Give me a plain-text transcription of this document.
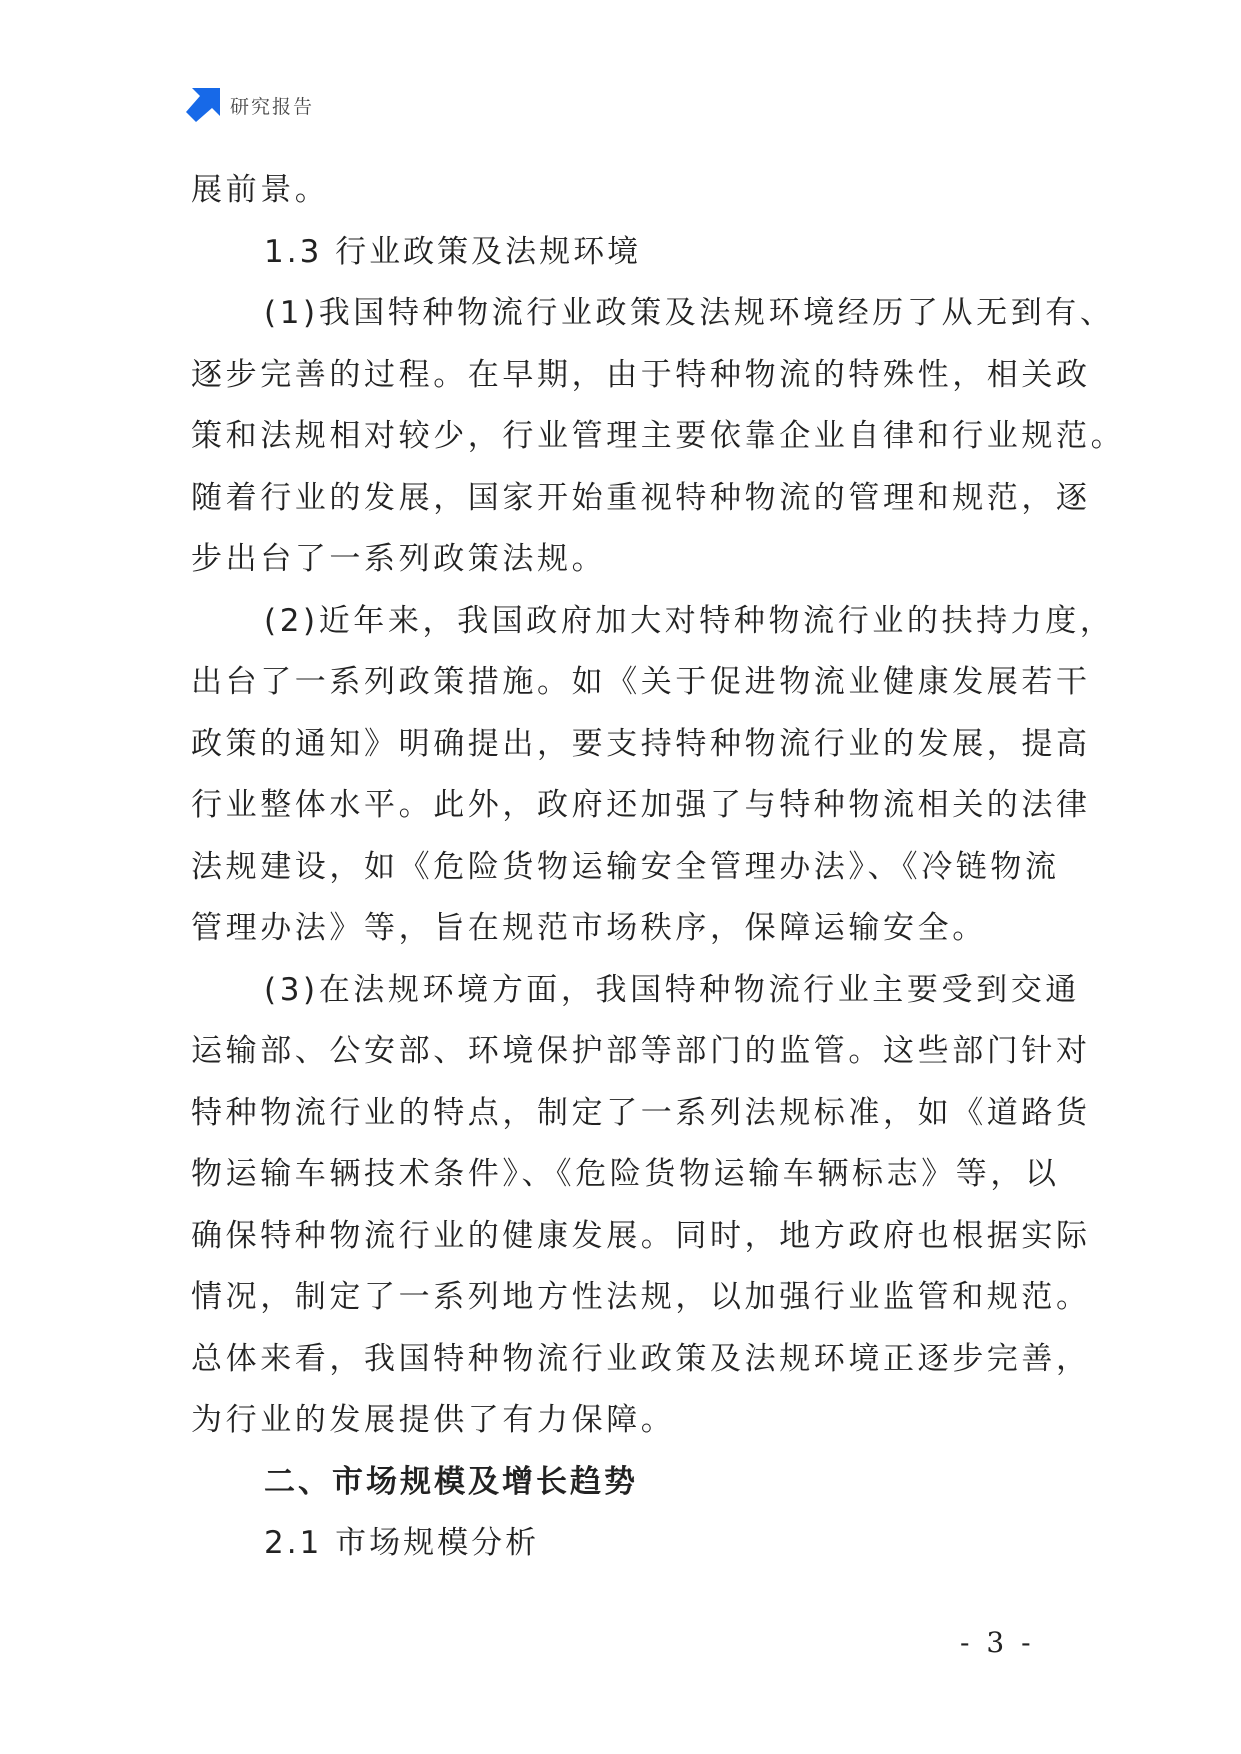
研究报告
展前景。
1.3 行业政策及法规环境
(1)我国特种物流行业政策及法规环境经历了从无到有、
逐步完善的过程。在早期，由于特种物流的特殊性，相关政
策和法规相对较少，行业管理主要依靠企业自律和行业规范。
随着行业的发展，国家开始重视特种物流的管理和规范，逐
步出台了一系列政策法规。
(2)近年来，我国政府加大对特种物流行业的扶持力度，
出台了一系列政策措施。如《关于促进物流业健康发展若干
政策的通知》明确提出，要支持特种物流行业的发展，提高
行业整体水平。此外，政府还加强了与特种物流相关的法律
法规建设，如《危险货物运输安全管理办法》、《冷链物流
管理办法》等，旨在规范市场秩序，保障运输安全。
(3)在法规环境方面，我国特种物流行业主要受到交通
运输部、公安部、环境保护部等部门的监管。这些部门针对
特种物流行业的特点，制定了一系列法规标准，如《道路货
物运输车辆技术条件》、《危险货物运输车辆标志》等，以
确保特种物流行业的健康发展。同时，地方政府也根据实际
情况，制定了一系列地方性法规，以加强行业监管和规范。
总体来看，我国特种物流行业政策及法规环境正逐步完善，
为行业的发展提供了有力保障。
二、市场规模及增长趋势
2.1 市场规模分析
- 3 -
